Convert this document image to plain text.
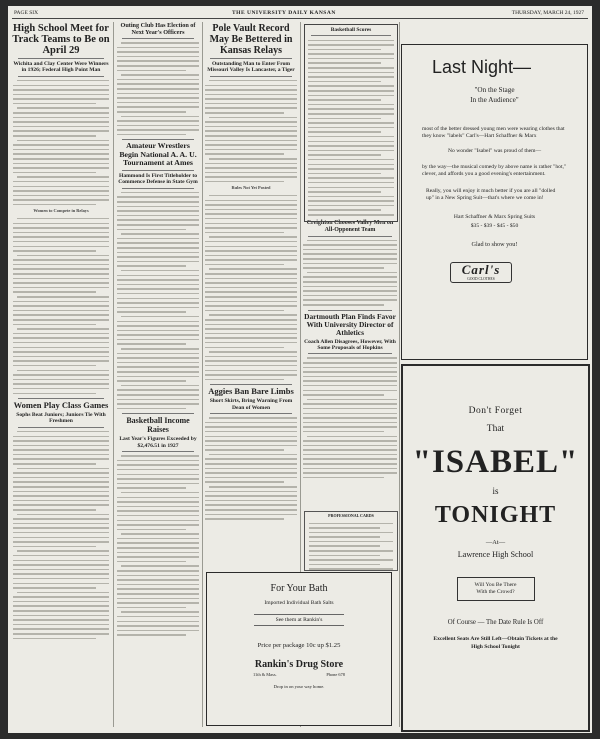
PAGE SIX	THE UNIVERSITY DAILY KANSAN	THURSDAY, MARCH 24, 1927
High School Meet for Track Teams to Be on April 29
Wichita and Clay Center Were Winners in 1926; Federal High Point Man
Women to Compete in Relays
Women Play Class Games
Sophs Beat Juniors; Juniors Tie With Freshmen
Outing Club Has Election of Next Year's Officers
Amateur Wrestlers Begin National A. A. U. Tournament at Ames
Hammond Is First Titleholder to Commence Defense in State Gym
Basketball Income Raises
Last Year's Figures Exceeded by $2,476.51 in 1927
Pole Vault Record May Be Bettered in Kansas Relays
Outstanding Man to Enter From Missouri Valley Is Lancaster, a Tiger
Rules Not Yet Posted
Aggies Ban Bare Limbs
Short Skirts, Bring Warning From Dean of Women
Creighton Chooses Valley Men on All-Opponent Team
Dartmouth Plan Finds Favor With University Director of Athletics
Coach Allen Disagrees, However, With Some Proposals of Hopkins
Basketball Scores
PROFESSIONAL CARDS
For Your Bath
Imported Individual Bath Salts
See them at Rankin's
Price per package 10c up $1.25
Rankin's Drug Store
11th & Mass.	Phone 678
Drop in on your way home.
Last Night—
"On the Stage
In the Audience"
most of the better dressed young men were wearing clothes that they know "labels" Carl's—Hart Schaffner & Marx
No wonder "Isabel" was proud of them—
by the way—the musical comedy by above name is rather "hot," clever, and affords you a good evening's entertainment.
Really, you will enjoy it much better if you are all "dolled up" in a New Spring Suit—that's where we come in!
Hart Schaffner & Marx Spring Suits
$35 - $39 - $45 - $50
Glad to show you!
Carl's
GOOD CLOTHES
Don't Forget
That
"ISABEL"
is
TONIGHT
—At—
Lawrence High School
Will You Be There
With the Crowd?
Of Course — The Date Rule Is Off
Excellent Seats Are Still Left—Obtain Tickets at the
High School Tonight
